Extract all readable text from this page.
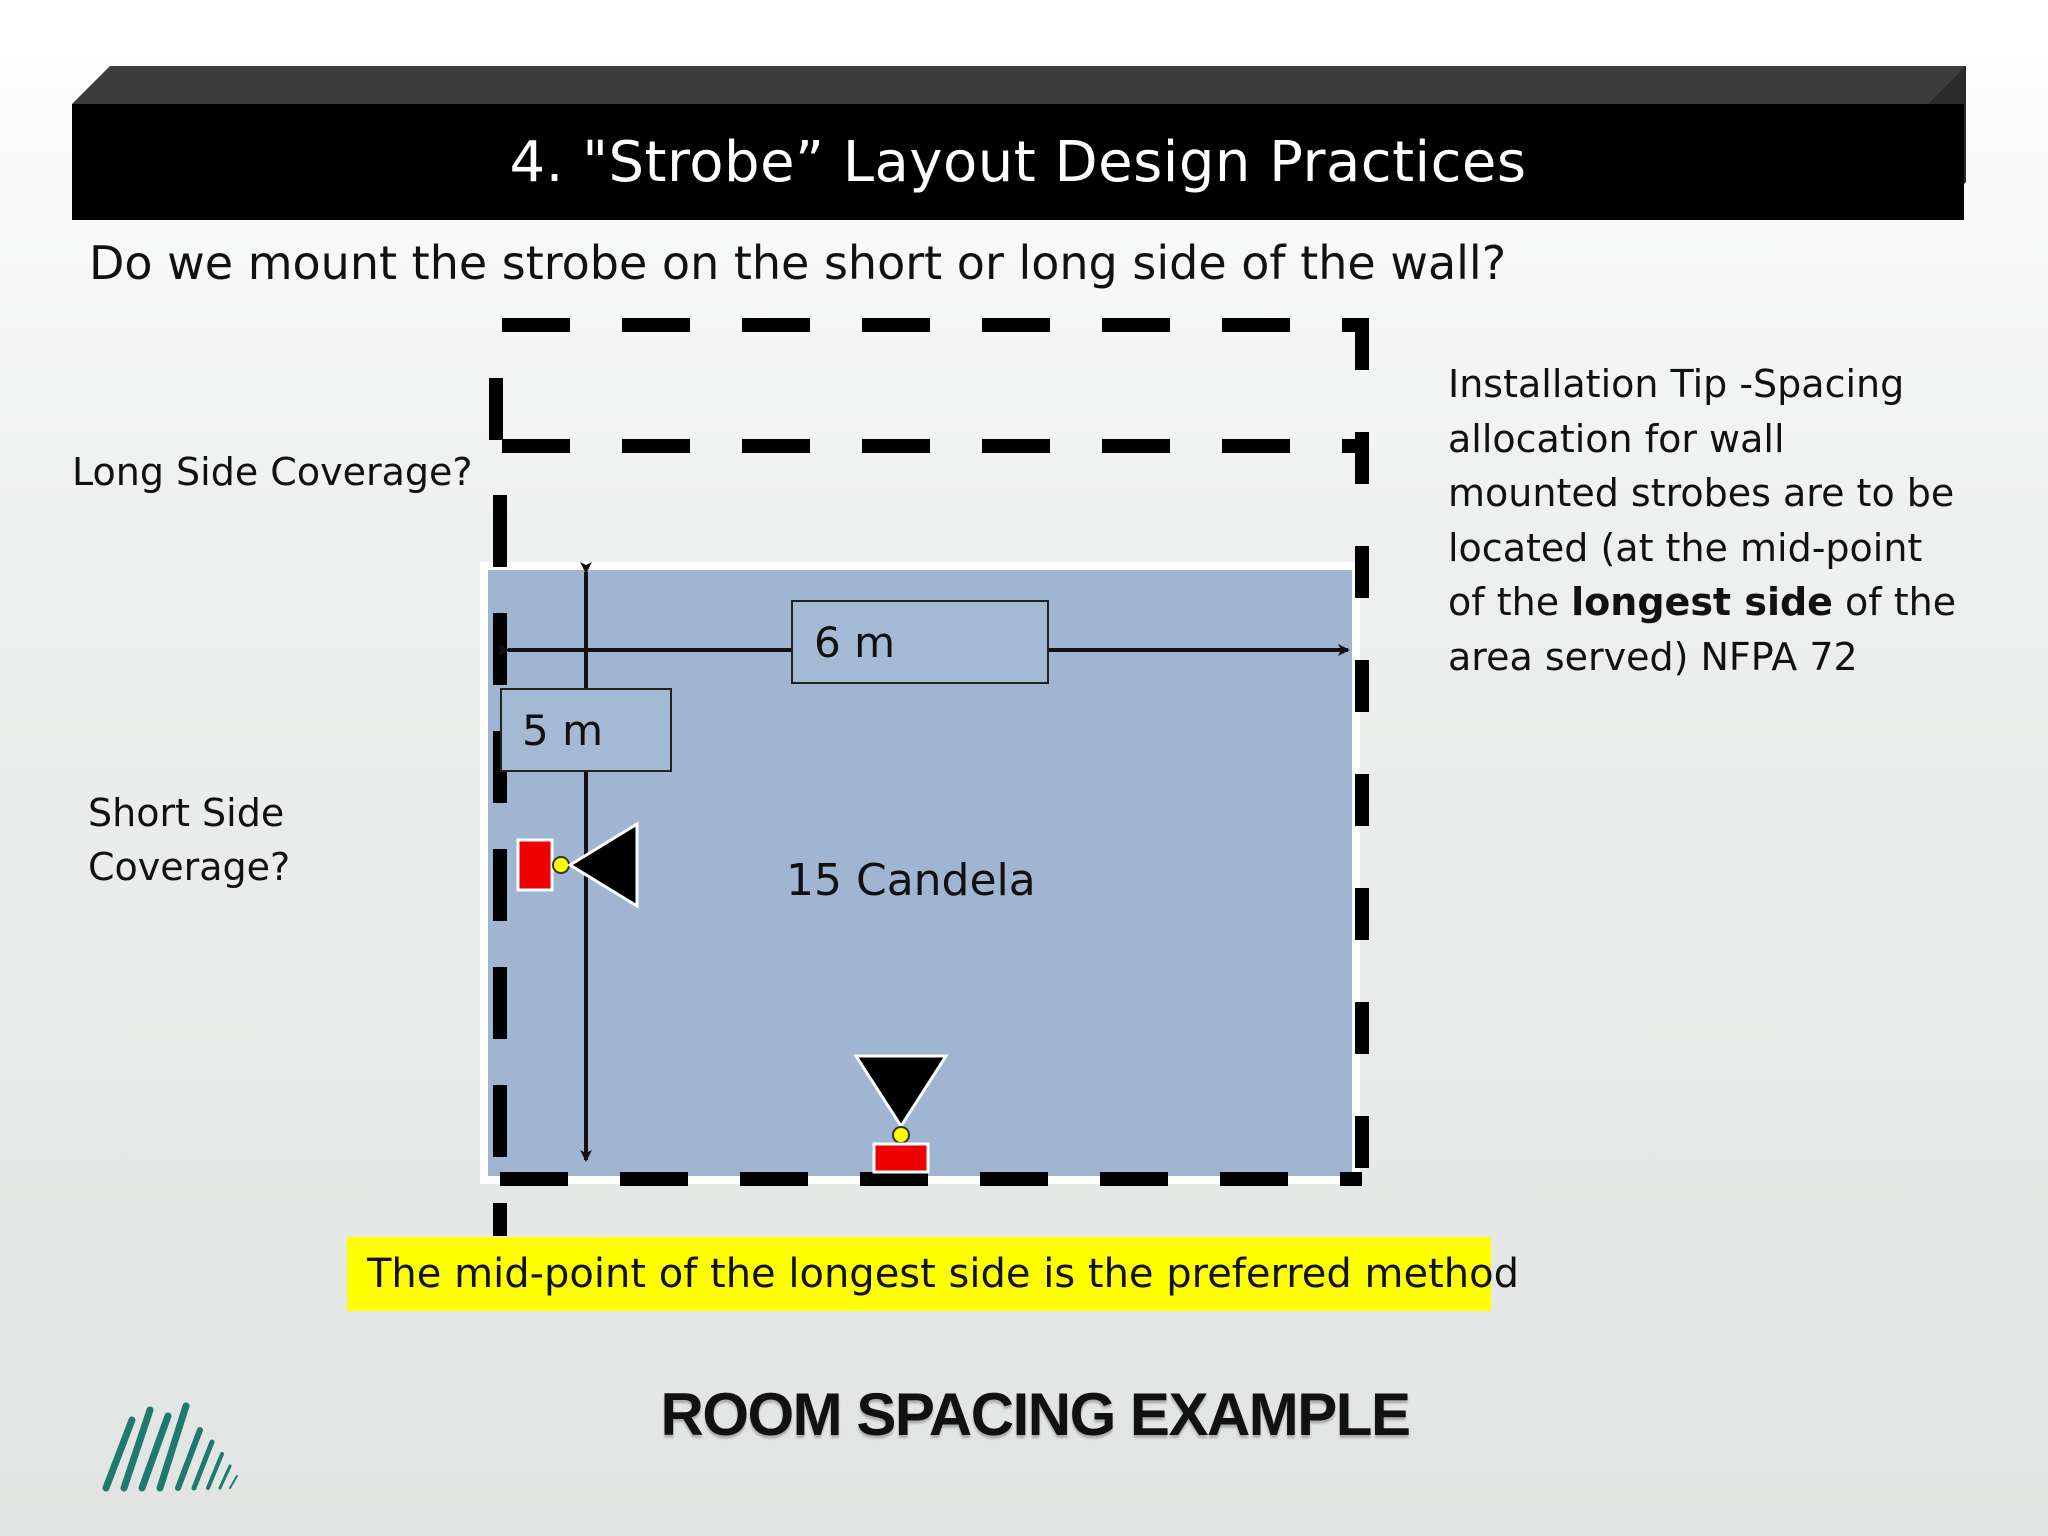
4. "Strobe” Layout Design Practices
Do we mount the strobe on the short or long side of the wall?
6 m
5 m
15 Candela
Long Side Coverage?
Short Side
Coverage?
Installation Tip -Spacing
allocation for wall
mounted strobes are to be
located (at the mid-point
of the longest side of the
area served) NFPA 72
The mid-point of the longest side is the preferred method
ROOM SPACING EXAMPLE
